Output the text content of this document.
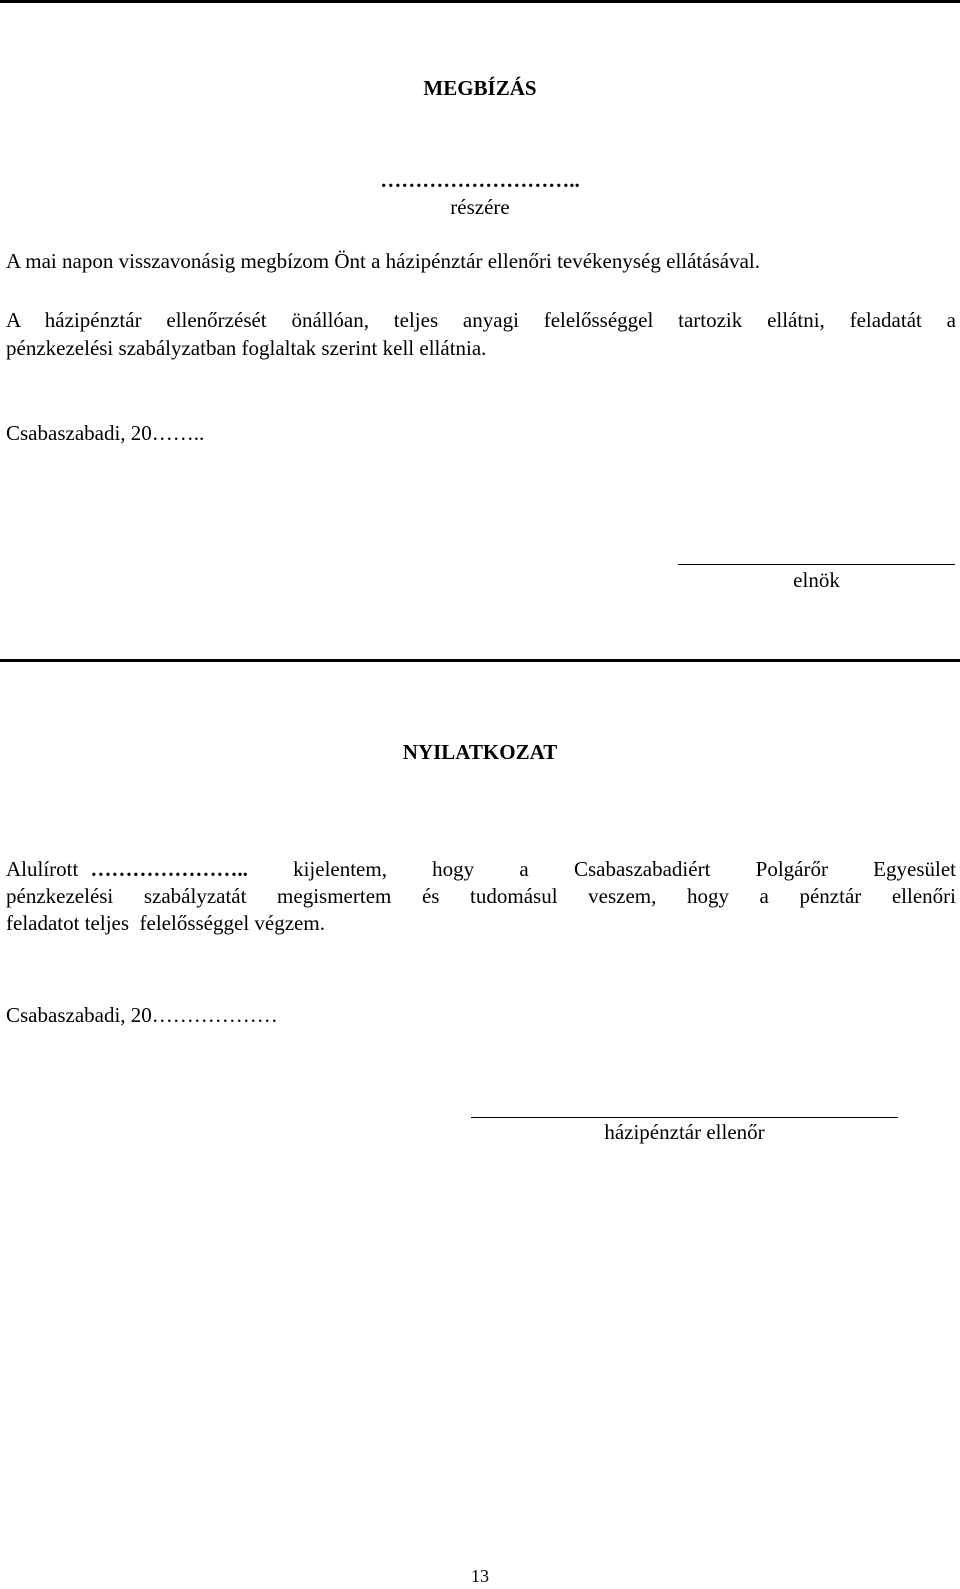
MEGBÍZÁS
………………………..
részére
A mai napon visszavonásig megbízom Önt a házipénztár ellenőri tevékenység ellátásával.
A házipénztár ellenőrzését önállóan, teljes anyagi felelősséggel tartozik ellátni, feladatát a
pénzkezelési szabályzatban foglaltak szerint kell ellátnia.
Csabaszabadi, 20……..
elnök
NYILATKOZAT
Alulírott ………………….. kijelentem, hogy a Csabaszabadiért Polgárőr Egyesület
pénzkezelési szabályzatát megismertem és tudomásul veszem, hogy a pénztár ellenőri
feladatot teljes  felelősséggel végzem.
Csabaszabadi, 20………………
házipénztár ellenőr
13
